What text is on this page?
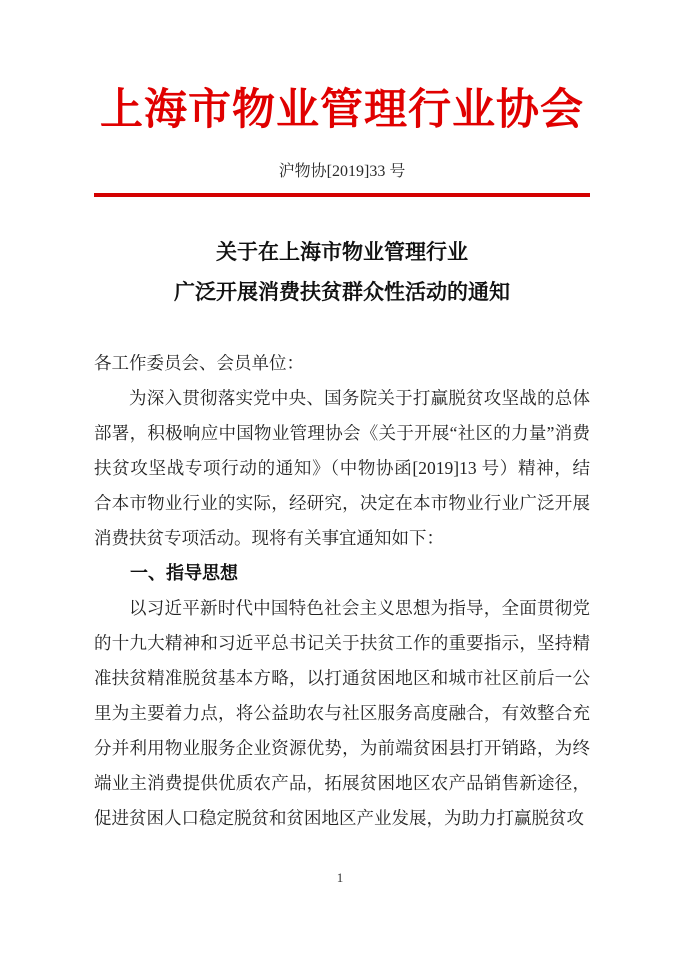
上海市物业管理行业协会
沪物协[2019]33 号
关于在上海市物业管理行业
广泛开展消费扶贫群众性活动的通知
各工作委员会、会员单位：
为深入贯彻落实党中央、国务院关于打赢脱贫攻坚战的总体部署，积极响应中国物业管理协会《关于开展“社区的力量”消费扶贫攻坚战专项行动的通知》（中物协函[2019]13 号）精神，结合本市物业行业的实际，经研究，决定在本市物业行业广泛开展消费扶贫专项活动。现将有关事宜通知如下：
一、指导思想
以习近平新时代中国特色社会主义思想为指导，全面贯彻党的十九大精神和习近平总书记关于扶贫工作的重要指示，坚持精准扶贫精准脱贫基本方略，以打通贫困地区和城市社区前后一公里为主要着力点，将公益助农与社区服务高度融合，有效整合充分并利用物业服务企业资源优势，为前端贫困县打开销路，为终端业主消费提供优质农产品，拓展贫困地区农产品销售新途径，促进贫困人口稳定脱贫和贫困地区产业发展，为助力打赢脱贫攻
1
